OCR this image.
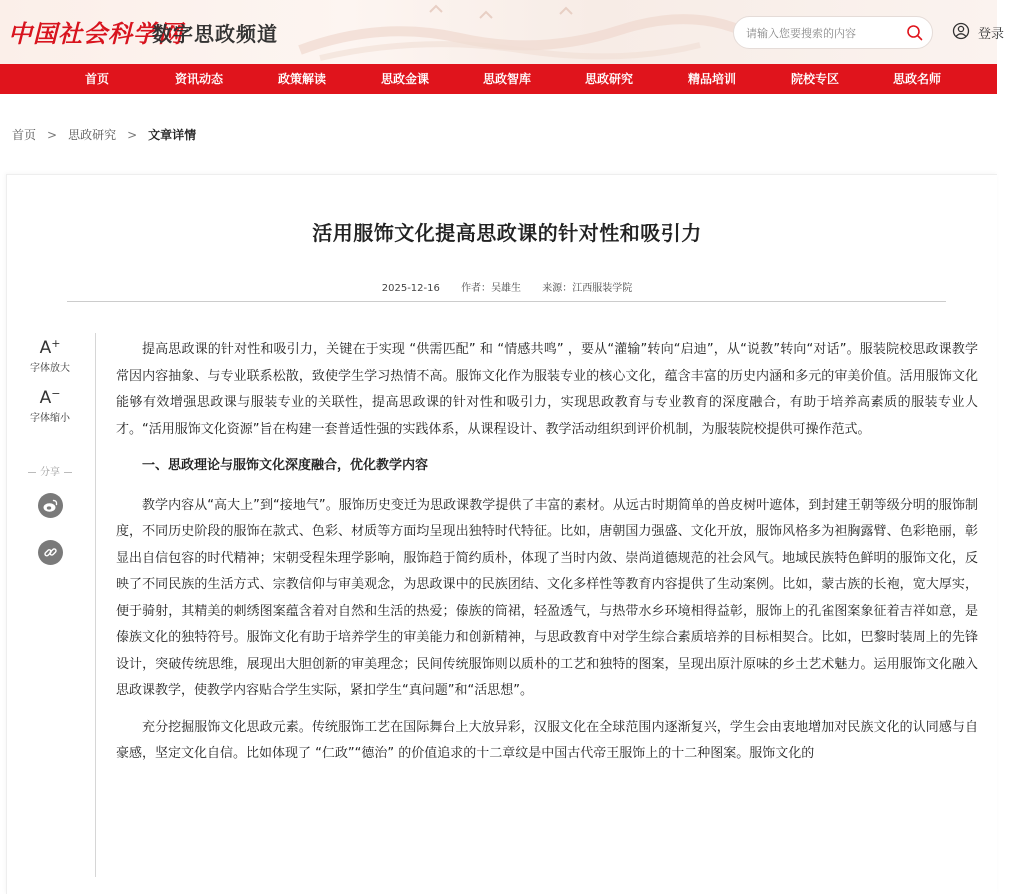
中国社会科学网
数字思政频道
请输入您要搜索的内容	登录
首页	资讯动态	政策解读	思政金课	思政智库	思政研究	精品培训	院校专区	思政名师
首页 > 思政研究 > 文章详情
活用服饰文化提高思政课的针对性和吸引力
2025-12-16 作者：吴雄生 来源：江西服装学院
A+
字体放大
A−
字体缩小
分享

提高思政课的针对性和吸引力，关键在于实现 “供需匹配” 和 “情感共鸣” ，要从“灌输”转向“启迪”，从“说教”转向“对话”。服装院校思政课教学常因内容抽象、与专业联系松散，致使学生学习热情不高。服饰文化作为服装专业的核心文化，蕴含丰富的历史内涵和多元的审美价值。活用服饰文化能够有效增强思政课与服装专业的关联性，提高思政课的针对性和吸引力，实现思政教育与专业教育的深度融合，有助于培养高素质的服装专业人才。“活用服饰文化资源”旨在构建一套普适性强的实践体系，从课程设计、教学活动组织到评价机制，为服装院校提供可操作范式。

一、思政理论与服饰文化深度融合，优化教学内容

教学内容从“高大上”到“接地气”。服饰历史变迁为思政课教学提供了丰富的素材。从远古时期简单的兽皮树叶遮体，到封建王朝等级分明的服饰制度，不同历史阶段的服饰在款式、色彩、材质等方面均呈现出独特时代特征。比如，唐朝国力强盛、文化开放，服饰风格多为袒胸露臂、色彩艳丽，彰显出自信包容的时代精神；宋朝受程朱理学影响，服饰趋于简约质朴，体现了当时内敛、崇尚道德规范的社会风气。地域民族特色鲜明的服饰文化，反映了不同民族的生活方式、宗教信仰与审美观念，为思政课中的民族团结、文化多样性等教育内容提供了生动案例。比如，蒙古族的长袍，宽大厚实，便于骑射，其精美的刺绣图案蕴含着对自然和生活的热爱；傣族的筒裙，轻盈透气，与热带水乡环境相得益彰，服饰上的孔雀图案象征着吉祥如意，是傣族文化的独特符号。服饰文化有助于培养学生的审美能力和创新精神，与思政教育中对学生综合素质培养的目标相契合。比如，巴黎时装周上的先锋设计，突破传统思维，展现出大胆创新的审美理念；民间传统服饰则以质朴的工艺和独特的图案，呈现出原汁原味的乡土艺术魅力。运用服饰文化融入思政课教学，使教学内容贴合学生实际，紧扣学生“真问题”和“活思想”。

充分挖掘服饰文化思政元素。传统服饰工艺在国际舞台上大放异彩，汉服文化在全球范围内逐渐复兴，学生会由衷地增加对民族文化的认同感与自豪感，坚定文化自信。比如体现了 “仁政”“德治” 的价值追求的十二章纹是中国古代帝王服饰上的十二种图案。服饰文化的
